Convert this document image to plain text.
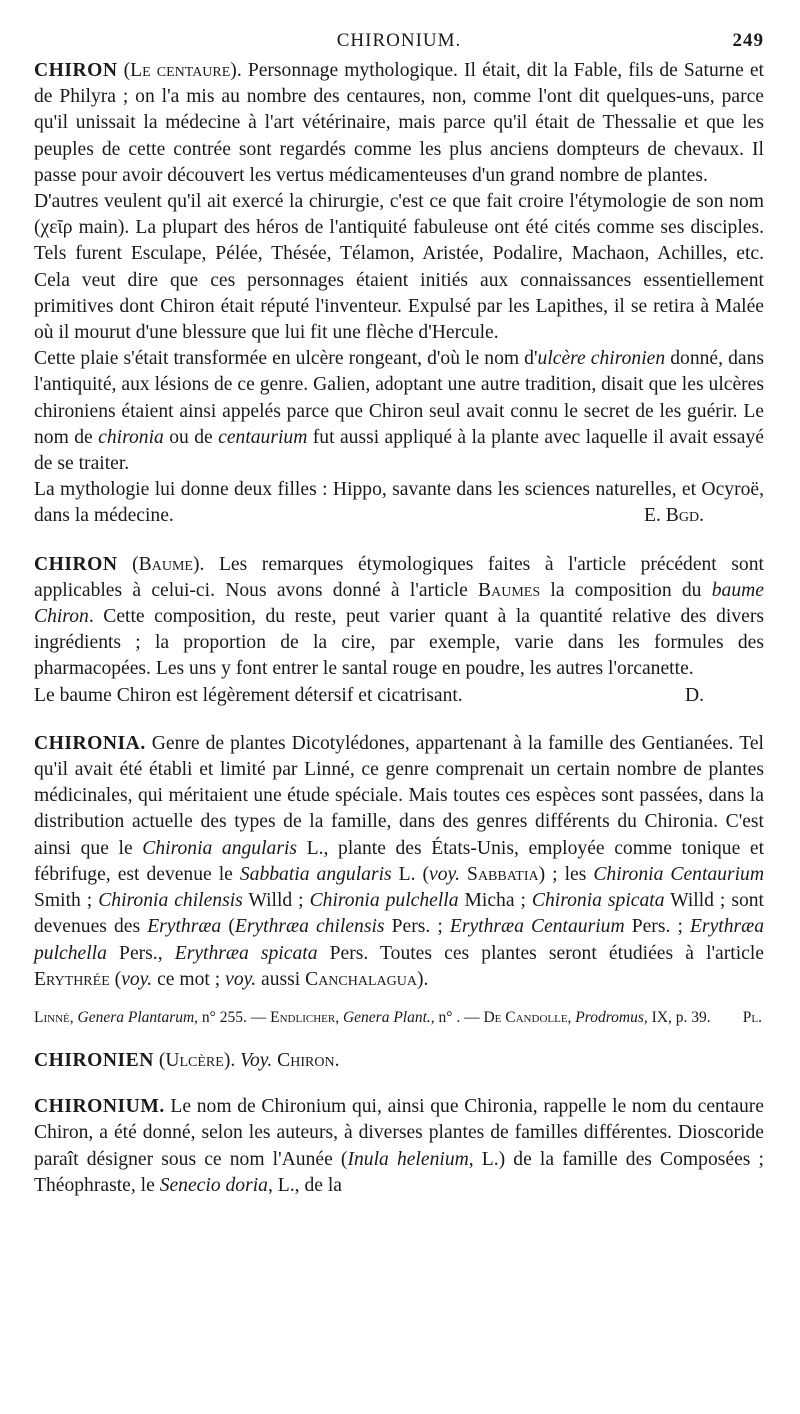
CHIRONIUM.	249

CHIRON (Le centaure). Personnage mythologique. Il était, dit la Fable, fils de Saturne et de Philyra ; on l'a mis au nombre des centaures, non, comme l'ont dit quelques-uns, parce qu'il unissait la médecine à l'art vétérinaire, mais parce qu'il était de Thessalie et que les peuples de cette contrée sont regardés comme les plus anciens dompteurs de chevaux. Il passe pour avoir découvert les vertus médicamenteuses d'un grand nombre de plantes.

D'autres veulent qu'il ait exercé la chirurgie, c'est ce que fait croire l'étymologie de son nom (χεῖρ main). La plupart des héros de l'antiquité fabuleuse ont été cités comme ses disciples. Tels furent Esculape, Pélée, Thésée, Télamon, Aristée, Podalire, Machaon, Achilles, etc. Cela veut dire que ces personnages étaient initiés aux connaissances essentiellement primitives dont Chiron était réputé l'inventeur. Expulsé par les Lapithes, il se retira à Malée où il mourut d'une blessure que lui fit une flèche d'Hercule.

Cette plaie s'était transformée en ulcère rongeant, d'où le nom d'ulcère chironien donné, dans l'antiquité, aux lésions de ce genre. Galien, adoptant une autre tradition, disait que les ulcères chironiens étaient ainsi appelés parce que Chiron seul avait connu le secret de les guérir. Le nom de chironia ou de centaurium fut aussi appliqué à la plante avec laquelle il avait essayé de se traiter.

La mythologie lui donne deux filles : Hippo, savante dans les sciences naturelles, et Ocyroë, dans la médecine.	E. Bgd.

CHIRON (Baume). Les remarques étymologiques faites à l'article précédent sont applicables à celui-ci. Nous avons donné à l'article Baumes la composition du baume Chiron. Cette composition, du reste, peut varier quant à la quantité relative des divers ingrédients ; la proportion de la cire, par exemple, varie dans les formules des pharmacopées. Les uns y font entrer le santal rouge en poudre, les autres l'orcanette.

Le baume Chiron est légèrement détersif et cicatrisant.	D.

CHIRONIA. Genre de plantes Dicotylédones, appartenant à la famille des Gentianées. Tel qu'il avait été établi et limité par Linné, ce genre comprenait un certain nombre de plantes médicinales, qui méritaient une étude spéciale. Mais toutes ces espèces sont passées, dans la distribution actuelle des types de la famille, dans des genres différents du Chironia. C'est ainsi que le Chironia angularis L., plante des États-Unis, employée comme tonique et fébrifuge, est devenue le Sabbatia angularis L. (voy. Sabbatia) ; les Chironia Centaurium Smith ; Chironia chilensis Willd ; Chironia pulchella Micha ; Chironia spicata Willd ; sont devenues des Erythræa (Erythræa chilensis Pers. ; Erythræa Centaurium Pers. ; Erythræa pulchella Pers., Erythræa spicata Pers. Toutes ces plantes seront étudiées à l'article Erythrée (voy. ce mot ; voy. aussi Canchalagua).

Linné, Genera Plantarum, n° 255. — Endlicher, Genera Plant., n° . — De Candolle, Prodromus, IX, p. 39. Pl.

CHIRONIEN (Ulcère). Voy. Chiron.

CHIRONIUM. Le nom de Chironium qui, ainsi que Chironia, rappelle le nom du centaure Chiron, a été donné, selon les auteurs, à diverses plantes de familles différentes. Dioscoride paraît désigner sous ce nom l'Aunée (Inula helenium, L.) de la famille des Composées ; Théophraste, le Senecio doria, L., de la
